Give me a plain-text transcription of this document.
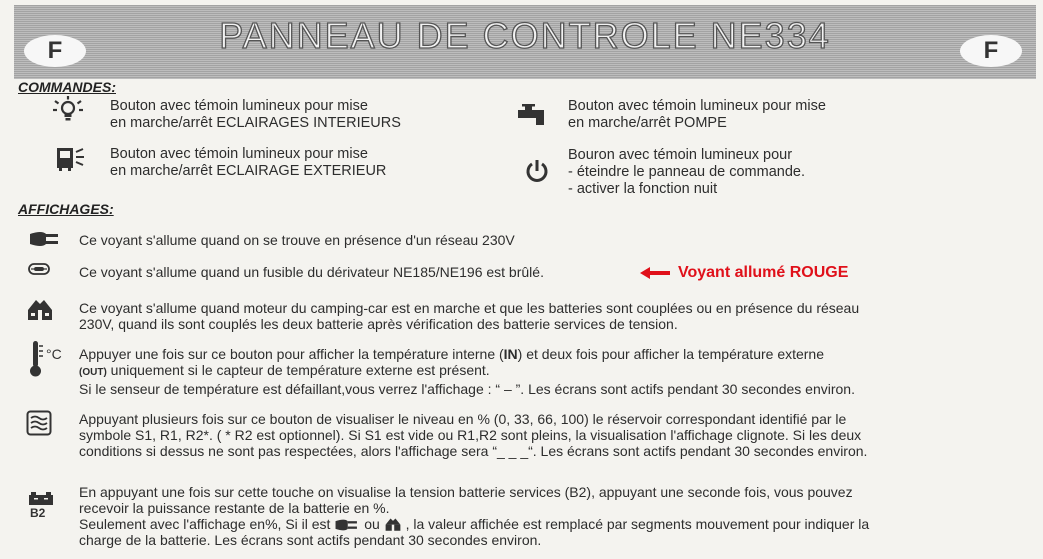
F	PANNEAU DE CONTROLE NE334	F
COMMANDES:
Bouton avec témoin lumineux pour mise
en marche/arrêt ECLAIRAGES INTERIEURS
Bouton avec témoin lumineux pour mise
en marche/arrêt POMPE
Bouton avec témoin lumineux pour mise
en marche/arrêt ECLAIRAGE EXTERIEUR
Bouron avec témoin lumineux pour
- éteindre le panneau de commande.
- activer la fonction nuit
AFFICHAGES:
Ce voyant s'allume quand on se trouve en présence d'un réseau 230V
Ce voyant s'allume quand un fusible du dérivateur NE185/NE196 est brûlé.	Voyant allumé ROUGE
Ce voyant s'allume quand moteur du camping-car est en marche et que les batteries sont couplées ou en présence du réseau
230V, quand ils sont couplés les deux batterie après vérification des batterie services de tension.
°C Appuyer une fois sur ce bouton pour afficher la température interne (IN) et deux fois pour afficher la température externe
(OUT) uniquement si le capteur de température externe est présent.
Si le senseur de température est défaillant,vous verrez l'affichage : “ – ”. Les écrans sont actifs pendant 30 secondes environ.
Appuyant plusieurs fois sur ce bouton de visualiser le niveau en % (0, 33, 66, 100) le réservoir correspondant identifié par le
symbole S1, R1, R2*. ( * R2 est optionnel). Si S1 est vide ou R1,R2 sont pleins, la visualisation l'affichage clignote. Si les deux
conditions si dessus ne sont pas respectées, alors l'affichage sera “_ _ _“. Les écrans sont actifs pendant 30 secondes environ.
B2
En appuyant une fois sur cette touche on visualise la tension batterie services (B2), appuyant une seconde fois, vous pouvez
recevoir la puissance restante de la batterie en %.
Seulement avec l'affichage en%, Si il est ou , la valeur affichée est remplacé par segments mouvement pour indiquer la
charge de la batterie. Les écrans sont actifs pendant 30 secondes environ.
